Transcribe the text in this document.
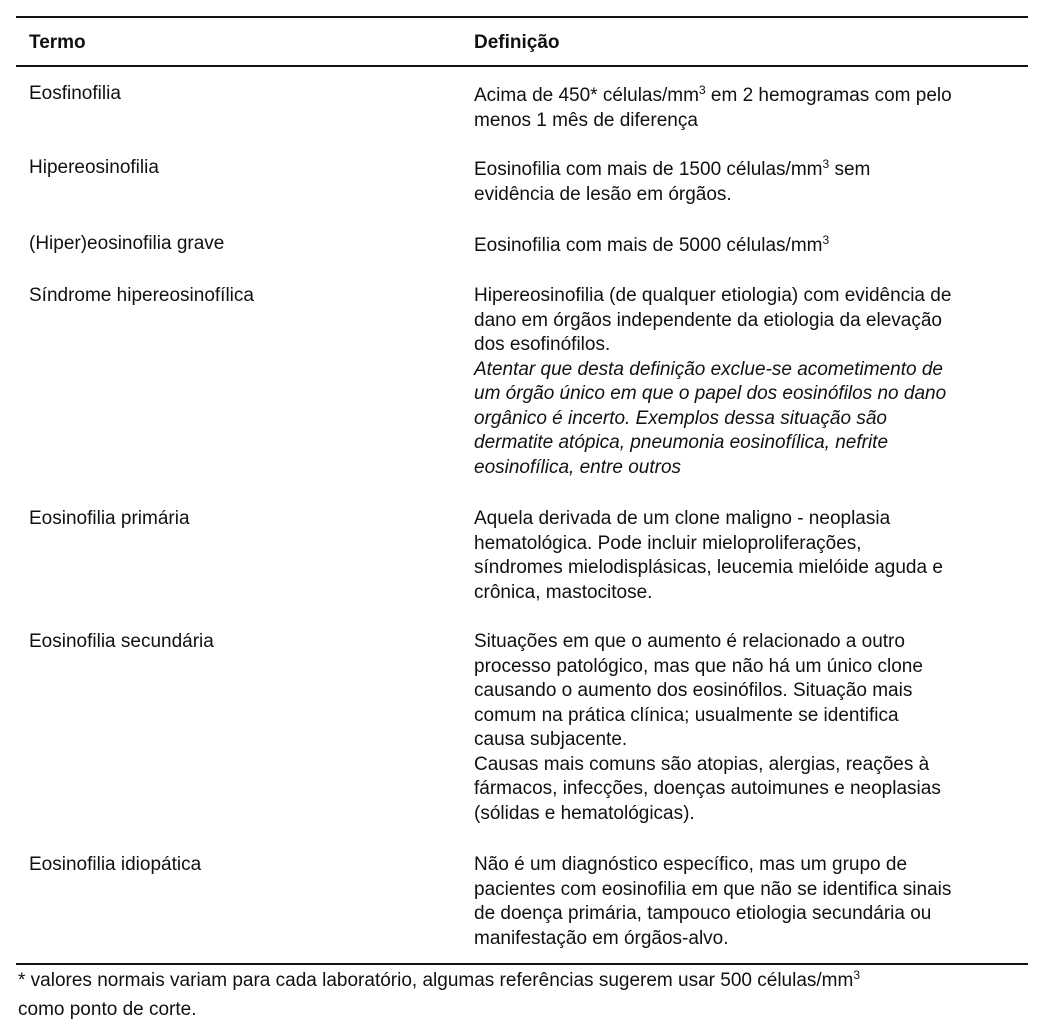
Termo	Definição
Eosfinofilia	Acima de 450* células/$mm^3$ em 2 hemogramas com pelo

menos 1 mês de diferença

Hipereosinofilia	Eosinofilia com mais de 1500 células/$mm^3$ sem

evidência de lesão em órgãos.

(Hiper)eosinofilia grave	Eosinofilia com mais de 5000 células/$mm^3$

Síndrome hipereosinofílica	Hipereosinofilia (de qualquer etiologia) com evidência de

dano em órgãos independente da etiologia da elevação

dos esofinófilos.

Atentar que desta definição exclue-se acometimento de

um órgão único em que o papel dos eosinófilos no dano

orgânico é incerto. Exemplos dessa situação são

dermatite atópica, pneumonia eosinofílica, nefrite

eosinofílica, entre outros

Eosinofilia primária	Aquela derivada de um clone maligno - neoplasia

hematológica. Pode incluir mieloproliferações,

síndromes mielodisplásicas, leucemia mielóide aguda e

crônica, mastocitose.

Eosinofilia secundária	Situações em que o aumento é relacionado a outro

processo patológico, mas que não há um único clone

causando o aumento dos eosinófilos. Situação mais

comum na prática clínica; usualmente se identifica

causa subjacente.

Causas mais comuns são atopias, alergias, reações à

fármacos, infecções, doenças autoimunes e neoplasias

(sólidas e hematológicas).

Eosinofilia idiopática	Não é um diagnóstico específico, mas um grupo de

pacientes com eosinofilia em que não se identifica sinais

de doença primária, tampouco etiologia secundária ou

manifestação em órgãos-alvo.

* valores normais variam para cada laboratório, algumas referências sugerem usar 500 células/$mm^3$
como ponto de corte.
